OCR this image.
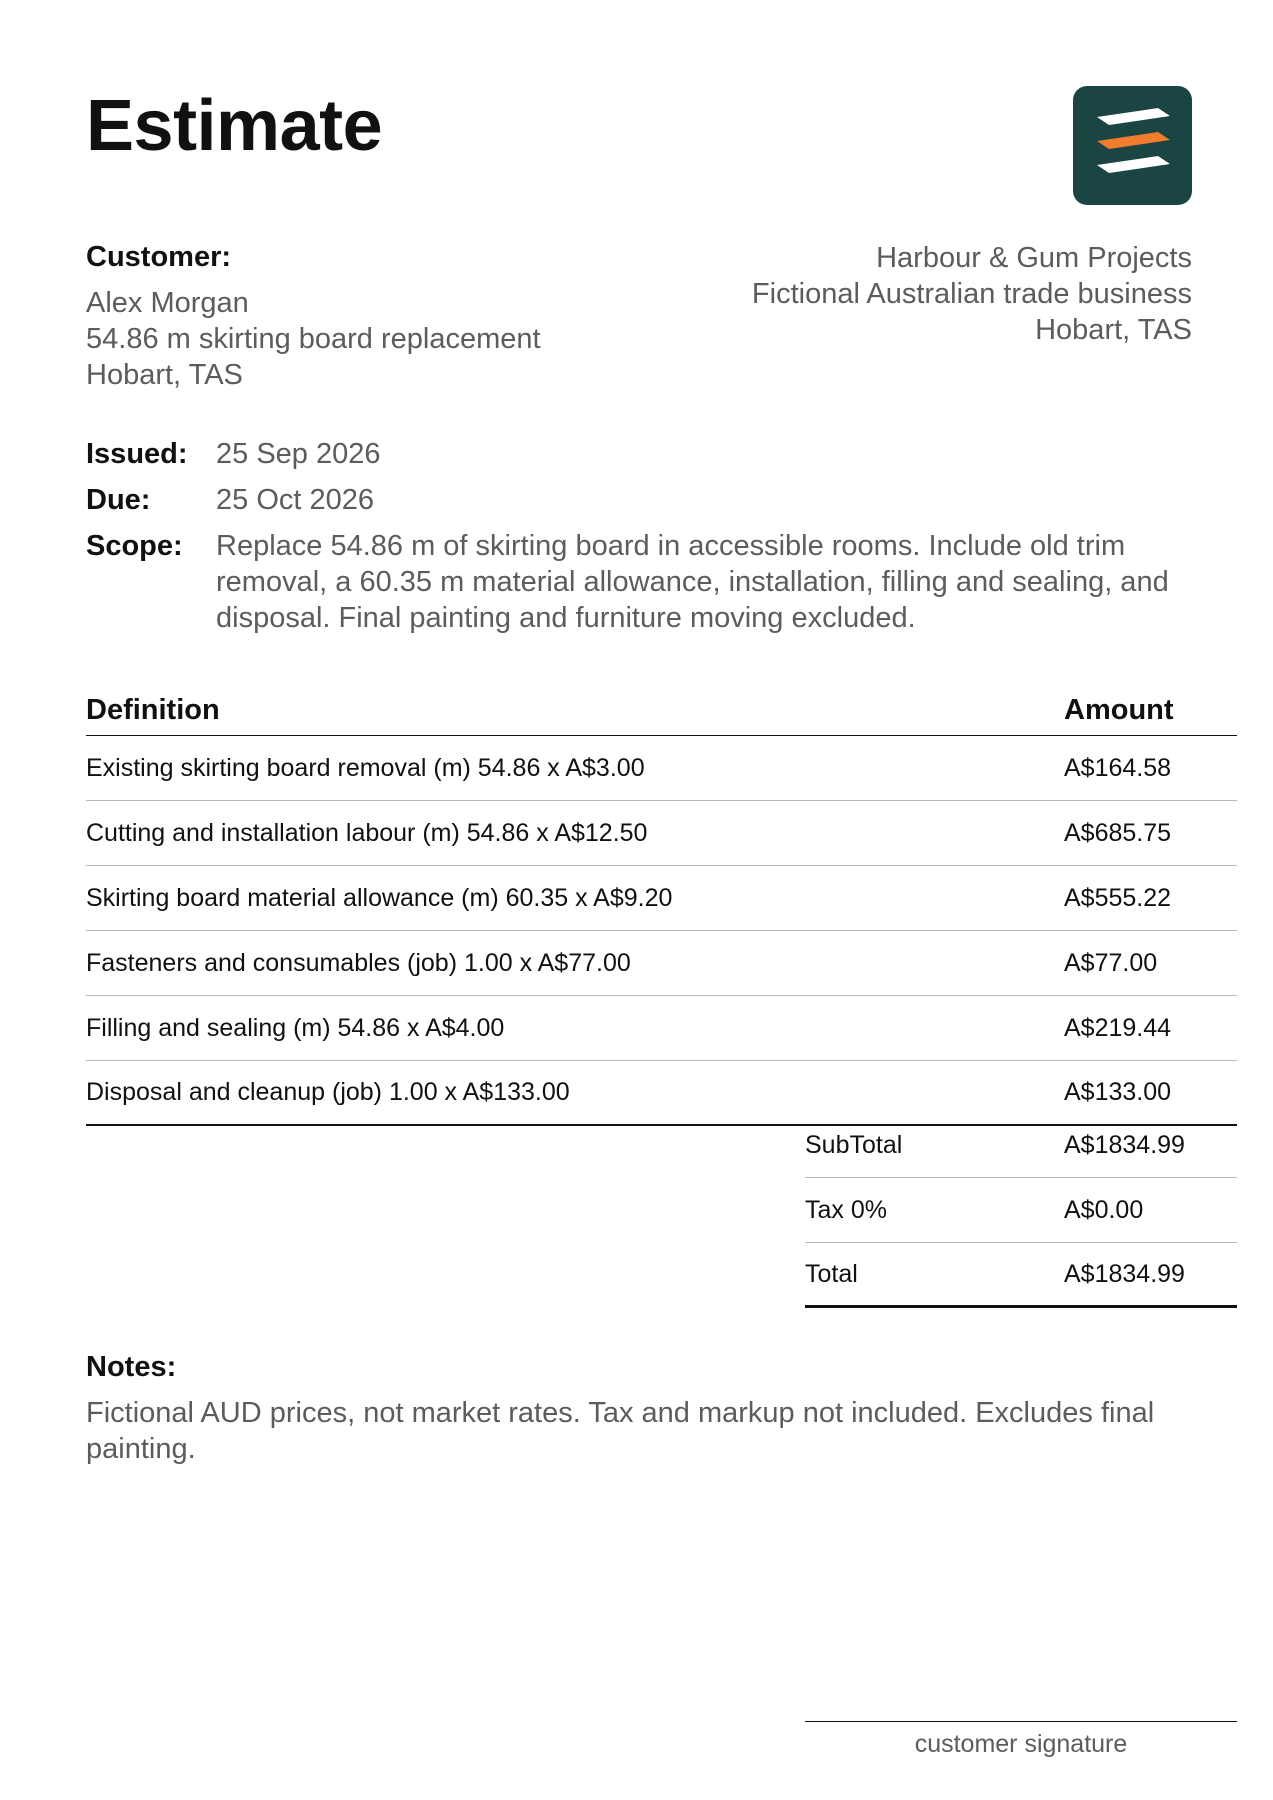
Estimate
Customer:
Alex Morgan
54.86 m skirting board replacement
Hobart, TAS
Harbour & Gum Projects
Fictional Australian trade business
Hobart, TAS
Issued: 25 Sep 2026
Due:	25 Oct 2026
Scope:	Replace 54.86 m of skirting board in accessible rooms. Include old trim removal, a 60.35 m material allowance, installation, filling and sealing, and disposal. Final painting and furniture moving excluded.
Definition	Amount
Existing skirting board removal (m) 54.86 x A$3.00	A$164.58
Cutting and installation labour (m) 54.86 x A$12.50	A$685.75
Skirting board material allowance (m) 60.35 x A$9.20	A$555.22
Fasteners and consumables (job) 1.00 x A$77.00	A$77.00
Filling and sealing (m) 54.86 x A$4.00	A$219.44
Disposal and cleanup (job) 1.00 x A$133.00	A$133.00
SubTotal	A$1834.99
Tax 0%	A$0.00
Total	A$1834.99
Notes:
Fictional AUD prices, not market rates. Tax and markup not included. Excludes final painting.
customer signature
